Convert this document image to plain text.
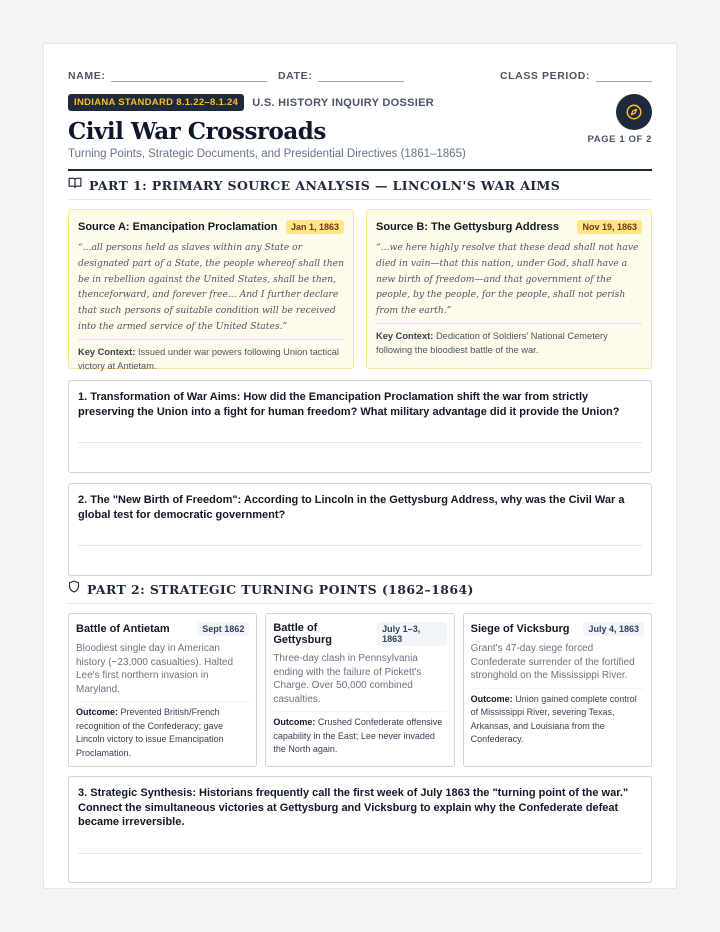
NAME:	DATE:	CLASS PERIOD:
INDIANA STANDARD 8.1.22–8.1.24	U.S. HISTORY INQUIRY DOSSIER
Civil War Crossroads
Turning Points, Strategic Documents, and Presidential Directives (1861–1865)
PAGE 1 OF 2
PART 1: PRIMARY SOURCE ANALYSIS — LINCOLN'S WAR AIMS
Source A: Emancipation Proclamation	Jan 1, 1863
“...all persons held as slaves within any State or designated part of a State, the people whereof shall then be in rebellion against the United States, shall be then, thenceforward, and forever free... And I further declare that such persons of suitable condition will be received into the armed service of the United States.”
Key Context: Issued under war powers following Union tactical victory at Antietam.
Source B: The Gettysburg Address	Nov 19, 1863
“...we here highly resolve that these dead shall not have died in vain—that this nation, under God, shall have a new birth of freedom—and that government of the people, by the people, for the people, shall not perish from the earth.”
Key Context: Dedication of Soldiers' National Cemetery following the bloodiest battle of the war.
1. Transformation of War Aims: How did the Emancipation Proclamation shift the war from strictly preserving the Union into a fight for human freedom? What military advantage did it provide the Union?
2. The "New Birth of Freedom": According to Lincoln in the Gettysburg Address, why was the Civil War a global test for democratic government?
PART 2: STRATEGIC TURNING POINTS (1862–1864)
Battle of Antietam	Sept 1862
Bloodiest single day in American history (~23,000 casualties). Halted Lee's first northern invasion in Maryland.
Outcome: Prevented British/French recognition of the Confederacy; gave Lincoln victory to issue Emancipation Proclamation.
Battle of Gettysburg
July 1–3, 1863
Three-day clash in Pennsylvania ending with the failure of Pickett's Charge. Over 50,000 combined casualties.
Outcome: Crushed Confederate offensive capability in the East; Lee never invaded the North again.
Siege of Vicksburg	July 4, 1863
Grant's 47-day siege forced Confederate surrender of the fortified stronghold on the Mississippi River.
Outcome: Union gained complete control of Mississippi River, severing Texas, Arkansas, and Louisiana from the Confederacy.
3. Strategic Synthesis: Historians frequently call the first week of July 1863 the "turning point of the war." Connect the simultaneous victories at Gettysburg and Vicksburg to explain why the Confederate defeat became irreversible.
